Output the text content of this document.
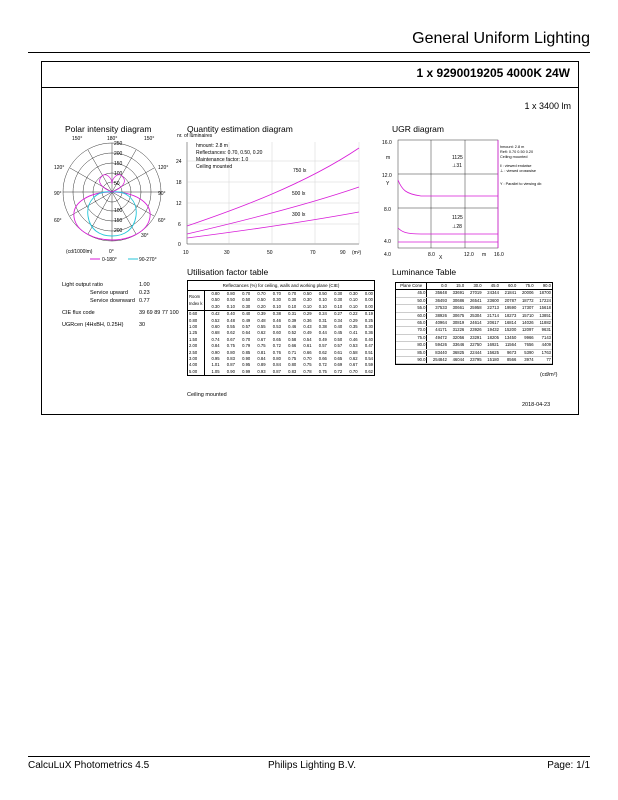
General Uniform Lighting
1 x 9290019205 4000K 24W
1 x 3400 lm
Polar intensity diagram	Quantity estimation diagram	UGR diagram
Utilisation factor table	Luminance Table
150°	180°	150°
120°
90°
60°
120°
90°
60°
250
200
150
100
50
100
150
200
30°
(cd/1000lm)	0°
0-180°	90-270°
nr. of luminaires
24
18
12
6
0
10	30	50	70	90 (m²)
hmount: 2.8 m
Reflectances: 0.70, 0.50, 0.20
Maintenance factor: 1.0
Ceiling mounted
750 lx
500 lx
300 lx
16.0
m
12.0
Y
8.0
4.0
4.0	8.0	12.0
X	m 16.0
1125
⊥31
1125
⊥28
hmount: 2.8 m
Refl: 0.70 0.50 0.20
Ceiling mounted
‖ : viewed endwise
⊥ : viewed crosswise
Y : Parallel to viewing dir.
Light output ratio	1.00
Service upward	0.23
Service downward	0.77
CIE flux code	39 69 89 77 100
UGRcen (4HxBH, 0.25H)	30
Reflectances (%) for ceiling, walls and working plane (CIE)
Room Index k	0.80	0.80	0.70	0.70	0.70	0.70	0.50	0.50	0.30	0.30	0.00
	0.50	0.50	0.50	0.50	0.30	0.30	0.30	0.10	0.30	0.10	0.00
	0.30	0.10	0.30	0.20	0.10	0.10	0.10	0.10	0.10	0.10	0.00
0.60	0.42	0.40	0.40	0.39	0.38	0.31	0.29	0.24	0.27	0.22	0.19
0.80	0.52	0.48	0.49	0.48	0.46	0.39	0.36	0.31	0.34	0.29	0.25
1.00	0.60	0.55	0.57	0.55	0.53	0.46	0.43	0.38	0.40	0.35	0.30
1.25	0.68	0.62	0.64	0.62	0.60	0.52	0.49	0.44	0.45	0.41	0.36
1.50	0.74	0.67	0.70	0.67	0.65	0.58	0.54	0.49	0.50	0.46	0.40
2.00	0.84	0.75	0.79	0.75	0.72	0.66	0.61	0.57	0.57	0.53	0.47
2.50	0.90	0.80	0.85	0.81	0.76	0.71	0.66	0.62	0.61	0.58	0.51
3.00	0.95	0.83	0.90	0.84	0.80	0.75	0.70	0.66	0.65	0.62	0.54
4.00	1.01	0.87	0.95	0.89	0.84	0.80	0.75	0.72	0.69	0.67	0.59
5.00	1.05	0.90	0.99	0.93	0.87	0.83	0.78	0.75	0.72	0.70	0.62
Ceiling mounted
Plane Cone	0.0	15.0	30.0	45.0	60.0	75.0	90.0
45.0	35648	33691	27019	24344	21841	20006	18700
50.0	36493	30686	26541	23600	20787	18772	17224
55.0	37533	30661	25958	22713	19590	17307	15618
60.0	38926	30675	25304	21714	18273	15710	13851
65.0	40964	30819	24614	20617	16814	14026	11882
70.0	44171	31226	23926	19432	15200	12097	9631
75.0	49472	32056	23291	18205	13450	9966	7143
80.0	59426	33646	22750	16921	11564	7656	4409
85.0	83440	36825	22444	15625	9673	5390	1763
90.0	254842	46044	23795	15180	8566	3974	77
(cd/m²)
2018-04-23
CalcuLuX Photometrics 4.5	Philips Lighting B.V.	Page: 1/1
